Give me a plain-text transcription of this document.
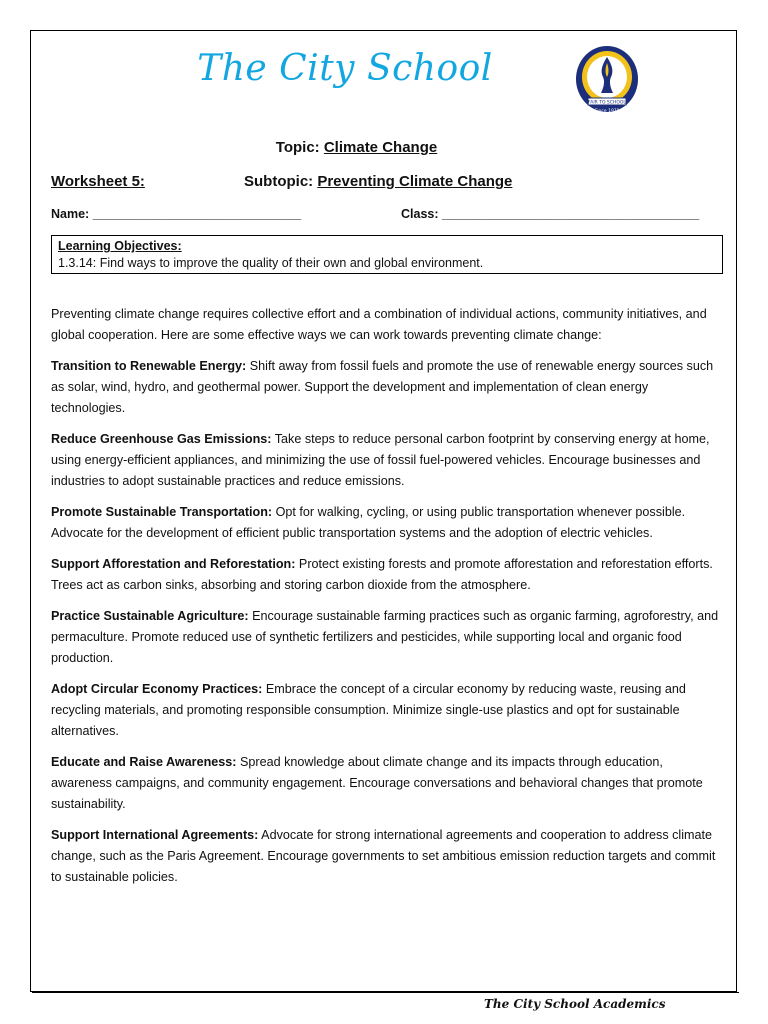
The City School
FAIR TO SCHOOL
Since 1978
Topic: Climate Change
Worksheet 5:	Subtopic: Preventing Climate Change
Name: ______________________________	Class: _____________________________________
Learning Objectives:
1.3.14: Find ways to improve the quality of their own and global environment.

Preventing climate change requires collective effort and a combination of individual actions, community initiatives, and global cooperation. Here are some effective ways we can work towards preventing climate change:

Transition to Renewable Energy: Shift away from fossil fuels and promote the use of renewable energy sources such as solar, wind, hydro, and geothermal power. Support the development and implementation of clean energy technologies.

Reduce Greenhouse Gas Emissions: Take steps to reduce personal carbon footprint by conserving energy at home, using energy-efficient appliances, and minimizing the use of fossil fuel-powered vehicles. Encourage businesses and industries to adopt sustainable practices and reduce emissions.

Promote Sustainable Transportation: Opt for walking, cycling, or using public transportation whenever possible. Advocate for the development of efficient public transportation systems and the adoption of electric vehicles.

Support Afforestation and Reforestation: Protect existing forests and promote afforestation and reforestation efforts. Trees act as carbon sinks, absorbing and storing carbon dioxide from the atmosphere.

Practice Sustainable Agriculture: Encourage sustainable farming practices such as organic farming, agroforestry, and permaculture. Promote reduced use of synthetic fertilizers and pesticides, while supporting local and organic food production.

Adopt Circular Economy Practices: Embrace the concept of a circular economy by reducing waste, reusing and recycling materials, and promoting responsible consumption. Minimize single-use plastics and opt for sustainable alternatives.

Educate and Raise Awareness: Spread knowledge about climate change and its impacts through education, awareness campaigns, and community engagement. Encourage conversations and behavioral changes that promote sustainability.

Support International Agreements: Advocate for strong international agreements and cooperation to address climate change, such as the Paris Agreement. Encourage governments to set ambitious emission reduction targets and commit to sustainable policies.

The City School Academics
